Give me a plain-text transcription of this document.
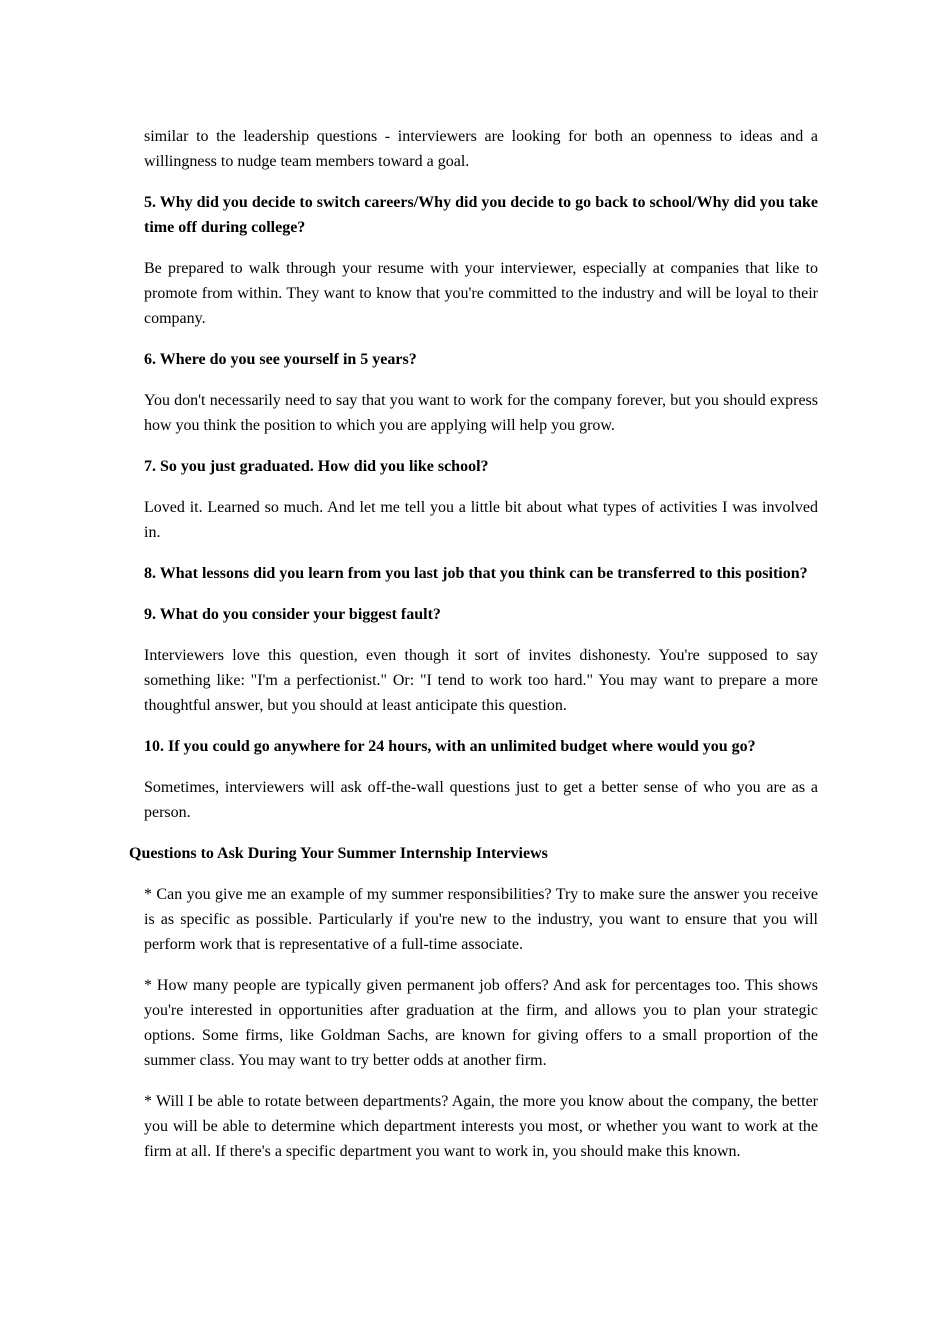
similar to the leadership questions - interviewers are looking for both an openness to ideas and a willingness to nudge team members toward a goal.

5. Why did you decide to switch careers/Why did you decide to go back to school/Why did you take time off during college?

Be prepared to walk through your resume with your interviewer, especially at companies that like to promote from within. They want to know that you're committed to the industry and will be loyal to their company.

6. Where do you see yourself in 5 years?

You don't necessarily need to say that you want to work for the company forever, but you should express how you think the position to which you are applying will help you grow.

7. So you just graduated. How did you like school?

Loved it. Learned so much. And let me tell you a little bit about what types of activities I was involved in.

8. What lessons did you learn from you last job that you think can be transferred to this position?

9. What do you consider your biggest fault?

Interviewers love this question, even though it sort of invites dishonesty. You're supposed to say something like: "I'm a perfectionist." Or: "I tend to work too hard." You may want to prepare a more thoughtful answer, but you should at least anticipate this question.

10. If you could go anywhere for 24 hours, with an unlimited budget where would you go?

Sometimes, interviewers will ask off-the-wall questions just to get a better sense of who you are as a person.

Questions to Ask During Your Summer Internship Interviews

* Can you give me an example of my summer responsibilities? Try to make sure the answer you receive is as specific as possible. Particularly if you're new to the industry, you want to ensure that you will perform work that is representative of a full-time associate.

* How many people are typically given permanent job offers? And ask for percentages too. This shows you're interested in opportunities after graduation at the firm, and allows you to plan your strategic options. Some firms, like Goldman Sachs, are known for giving offers to a small proportion of the summer class. You may want to try better odds at another firm.

* Will I be able to rotate between departments? Again, the more you know about the company, the better you will be able to determine which department interests you most, or whether you want to work at the firm at all. If there's a specific department you want to work in, you should make this known.
